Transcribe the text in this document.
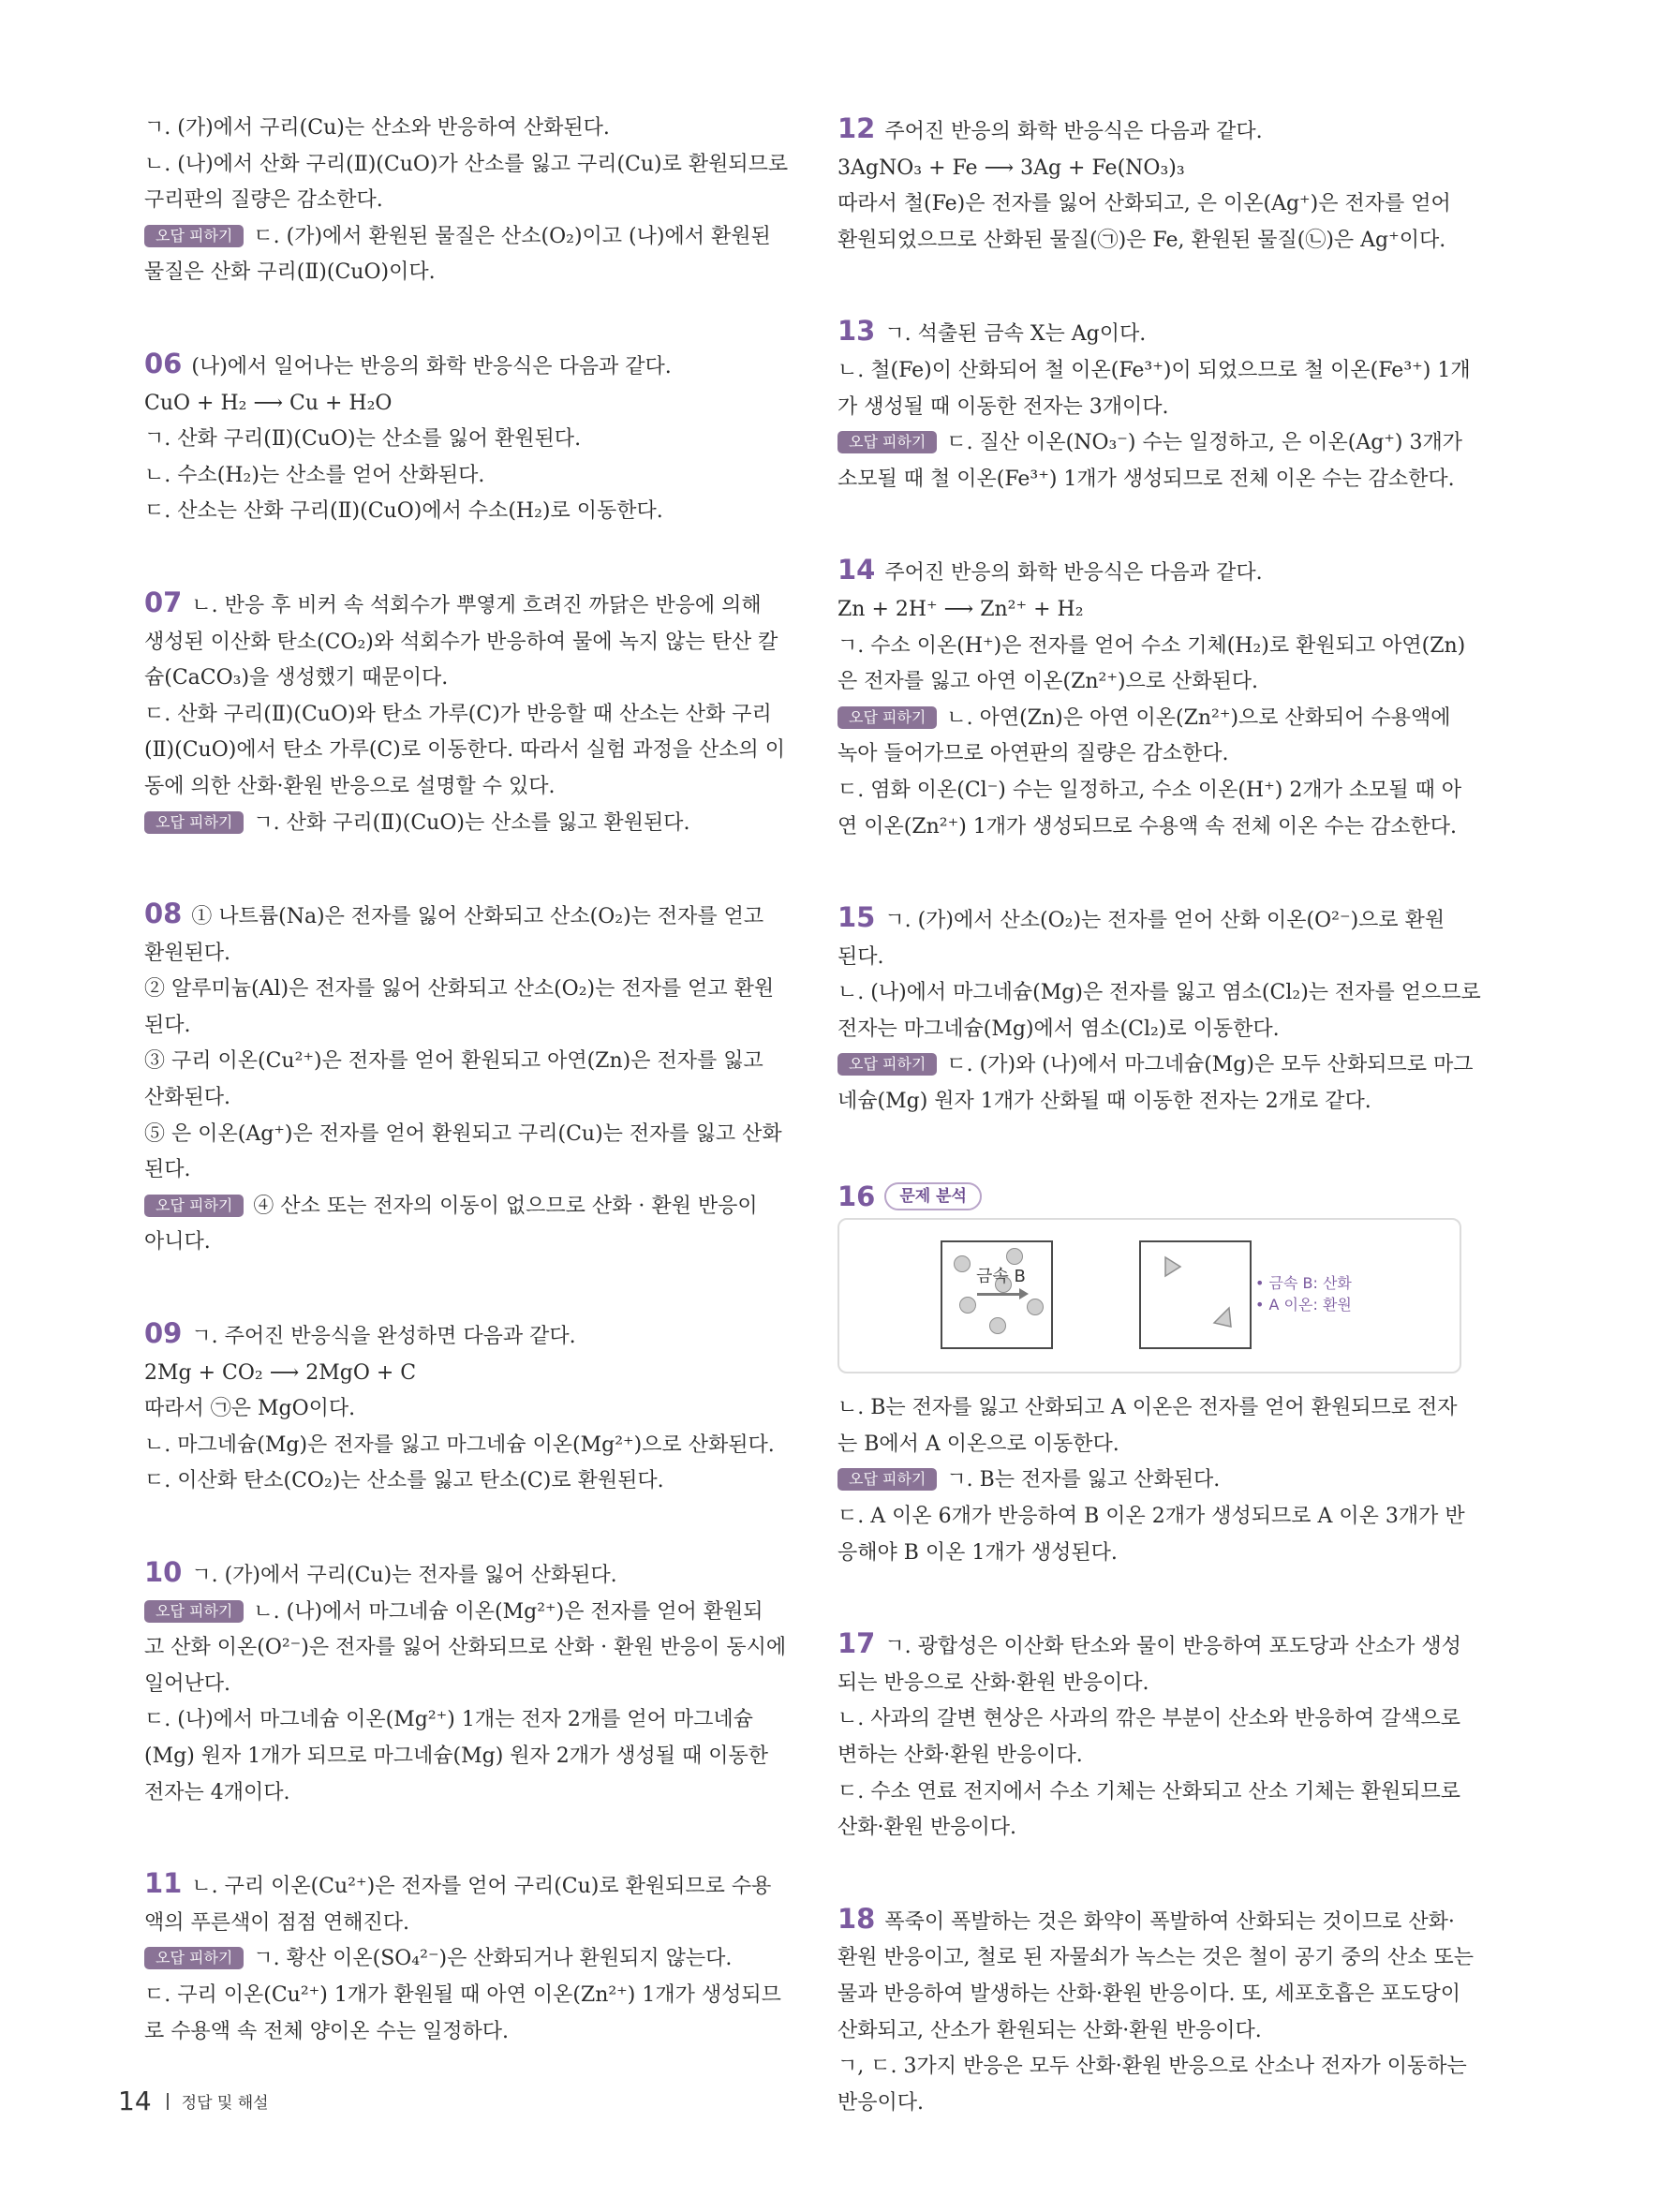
ㄱ. (가)에서 구리(Cu)는 산소와 반응하여 산화된다.
ㄴ. (나)에서 산화 구리(Ⅱ)(CuO)가 산소를 잃고 구리(Cu)로 환원되므로
구리판의 질량은 감소한다.
오답 피하기 ㄷ. (가)에서 환원된 물질은 산소(O₂)이고 (나)에서 환원된
물질은 산화 구리(Ⅱ)(CuO)이다.
06 (나)에서 일어나는 반응의 화학 반응식은 다음과 같다.
CuO + H₂ ⟶ Cu + H₂O
ㄱ. 산화 구리(Ⅱ)(CuO)는 산소를 잃어 환원된다.
ㄴ. 수소(H₂)는 산소를 얻어 산화된다.
ㄷ. 산소는 산화 구리(Ⅱ)(CuO)에서 수소(H₂)로 이동한다.
07 ㄴ. 반응 후 비커 속 석회수가 뿌옇게 흐려진 까닭은 반응에 의해
생성된 이산화 탄소(CO₂)와 석회수가 반응하여 물에 녹지 않는 탄산 칼
슘(CaCO₃)을 생성했기 때문이다.
ㄷ. 산화 구리(Ⅱ)(CuO)와 탄소 가루(C)가 반응할 때 산소는 산화 구리
(Ⅱ)(CuO)에서 탄소 가루(C)로 이동한다. 따라서 실험 과정을 산소의 이
동에 의한 산화·환원 반응으로 설명할 수 있다.
오답 피하기 ㄱ. 산화 구리(Ⅱ)(CuO)는 산소를 잃고 환원된다.
08 ① 나트륨(Na)은 전자를 잃어 산화되고 산소(O₂)는 전자를 얻고
환원된다.
② 알루미늄(Al)은 전자를 잃어 산화되고 산소(O₂)는 전자를 얻고 환원
된다.
③ 구리 이온(Cu²⁺)은 전자를 얻어 환원되고 아연(Zn)은 전자를 잃고
산화된다.
⑤ 은 이온(Ag⁺)은 전자를 얻어 환원되고 구리(Cu)는 전자를 잃고 산화
된다.
오답 피하기 ④ 산소 또는 전자의 이동이 없으므로 산화 · 환원 반응이
아니다.
09 ㄱ. 주어진 반응식을 완성하면 다음과 같다.
2Mg + CO₂ ⟶ 2MgO + C
따라서 ㉠은 MgO이다.
ㄴ. 마그네슘(Mg)은 전자를 잃고 마그네슘 이온(Mg²⁺)으로 산화된다.
ㄷ. 이산화 탄소(CO₂)는 산소를 잃고 탄소(C)로 환원된다.
10 ㄱ. (가)에서 구리(Cu)는 전자를 잃어 산화된다.
오답 피하기 ㄴ. (나)에서 마그네슘 이온(Mg²⁺)은 전자를 얻어 환원되
고 산화 이온(O²⁻)은 전자를 잃어 산화되므로 산화 · 환원 반응이 동시에
일어난다.
ㄷ. (나)에서 마그네슘 이온(Mg²⁺) 1개는 전자 2개를 얻어 마그네슘
(Mg) 원자 1개가 되므로 마그네슘(Mg) 원자 2개가 생성될 때 이동한
전자는 4개이다.
11 ㄴ. 구리 이온(Cu²⁺)은 전자를 얻어 구리(Cu)로 환원되므로 수용
액의 푸른색이 점점 연해진다.
오답 피하기 ㄱ. 황산 이온(SO₄²⁻)은 산화되거나 환원되지 않는다.
ㄷ. 구리 이온(Cu²⁺) 1개가 환원될 때 아연 이온(Zn²⁺) 1개가 생성되므
로 수용액 속 전체 양이온 수는 일정하다.
12 주어진 반응의 화학 반응식은 다음과 같다.
3AgNO₃ + Fe ⟶ 3Ag + Fe(NO₃)₃
따라서 철(Fe)은 전자를 잃어 산화되고, 은 이온(Ag⁺)은 전자를 얻어
환원되었으므로 산화된 물질(㉠)은 Fe, 환원된 물질(㉡)은 Ag⁺이다.
13 ㄱ. 석출된 금속 X는 Ag이다.
ㄴ. 철(Fe)이 산화되어 철 이온(Fe³⁺)이 되었으므로 철 이온(Fe³⁺) 1개
가 생성될 때 이동한 전자는 3개이다.
오답 피하기 ㄷ. 질산 이온(NO₃⁻) 수는 일정하고, 은 이온(Ag⁺) 3개가
소모될 때 철 이온(Fe³⁺) 1개가 생성되므로 전체 이온 수는 감소한다.
14 주어진 반응의 화학 반응식은 다음과 같다.
Zn + 2H⁺ ⟶ Zn²⁺ + H₂
ㄱ. 수소 이온(H⁺)은 전자를 얻어 수소 기체(H₂)로 환원되고 아연(Zn)
은 전자를 잃고 아연 이온(Zn²⁺)으로 산화된다.
오답 피하기 ㄴ. 아연(Zn)은 아연 이온(Zn²⁺)으로 산화되어 수용액에
녹아 들어가므로 아연판의 질량은 감소한다.
ㄷ. 염화 이온(Cl⁻) 수는 일정하고, 수소 이온(H⁺) 2개가 소모될 때 아
연 이온(Zn²⁺) 1개가 생성되므로 수용액 속 전체 이온 수는 감소한다.
15 ㄱ. (가)에서 산소(O₂)는 전자를 얻어 산화 이온(O²⁻)으로 환원
된다.
ㄴ. (나)에서 마그네슘(Mg)은 전자를 잃고 염소(Cl₂)는 전자를 얻으므로
전자는 마그네슘(Mg)에서 염소(Cl₂)로 이동한다.
오답 피하기 ㄷ. (가)와 (나)에서 마그네슘(Mg)은 모두 산화되므로 마그
네슘(Mg) 원자 1개가 산화될 때 이동한 전자는 2개로 같다.
16	문제 분석
금속 B	• 금속 B: 산화
• A 이온: 환원
ㄴ. B는 전자를 잃고 산화되고 A 이온은 전자를 얻어 환원되므로 전자
는 B에서 A 이온으로 이동한다.
오답 피하기 ㄱ. B는 전자를 잃고 산화된다.
ㄷ. A 이온 6개가 반응하여 B 이온 2개가 생성되므로 A 이온 3개가 반
응해야 B 이온 1개가 생성된다.
17 ㄱ. 광합성은 이산화 탄소와 물이 반응하여 포도당과 산소가 생성
되는 반응으로 산화·환원 반응이다.
ㄴ. 사과의 갈변 현상은 사과의 깎은 부분이 산소와 반응하여 갈색으로
변하는 산화·환원 반응이다.
ㄷ. 수소 연료 전지에서 수소 기체는 산화되고 산소 기체는 환원되므로
산화·환원 반응이다.
18 폭죽이 폭발하는 것은 화약이 폭발하여 산화되는 것이므로 산화·
환원 반응이고, 철로 된 자물쇠가 녹스는 것은 철이 공기 중의 산소 또는
물과 반응하여 발생하는 산화·환원 반응이다. 또, 세포호흡은 포도당이
산화되고, 산소가 환원되는 산화·환원 반응이다.
ㄱ, ㄷ. 3가지 반응은 모두 산화·환원 반응으로 산소나 전자가 이동하는
반응이다.
14 정답 및 해설
